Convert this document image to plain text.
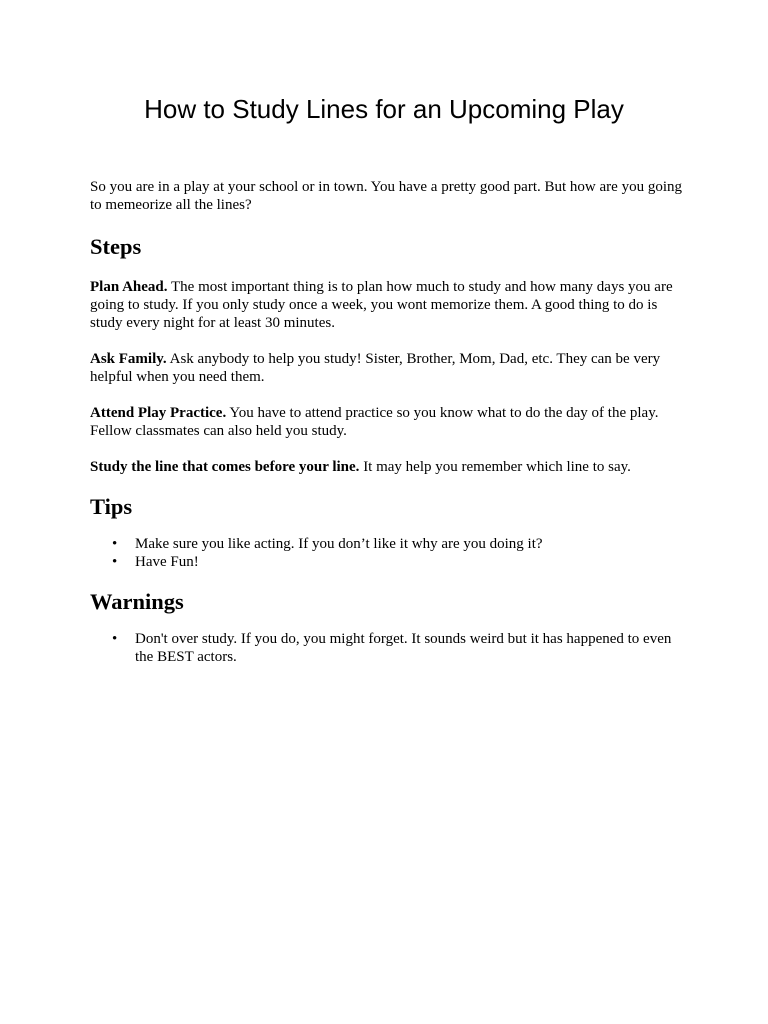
How to Study Lines for an Upcoming Play

So you are in a play at your school or in town. You have a pretty good part. But how are you going to memeorize all the lines?

Steps

Plan Ahead. The most important thing is to plan how much to study and how many days you are going to study. If you only study once a week, you wont memorize them. A good thing to do is study every night for at least 30 minutes.

Ask Family. Ask anybody to help you study! Sister, Brother, Mom, Dad, etc. They can be very helpful when you need them.

Attend Play Practice. You have to attend practice so you know what to do the day of the play. Fellow classmates can also held you study.

Study the line that comes before your line. It may help you remember which line to say.

Tips
• Make sure you like acting. If you don’t like it why are you doing it?
• Have Fun!
Warnings
• Don't over study. If you do, you might forget. It sounds weird but it has happened to even the BEST actors.
